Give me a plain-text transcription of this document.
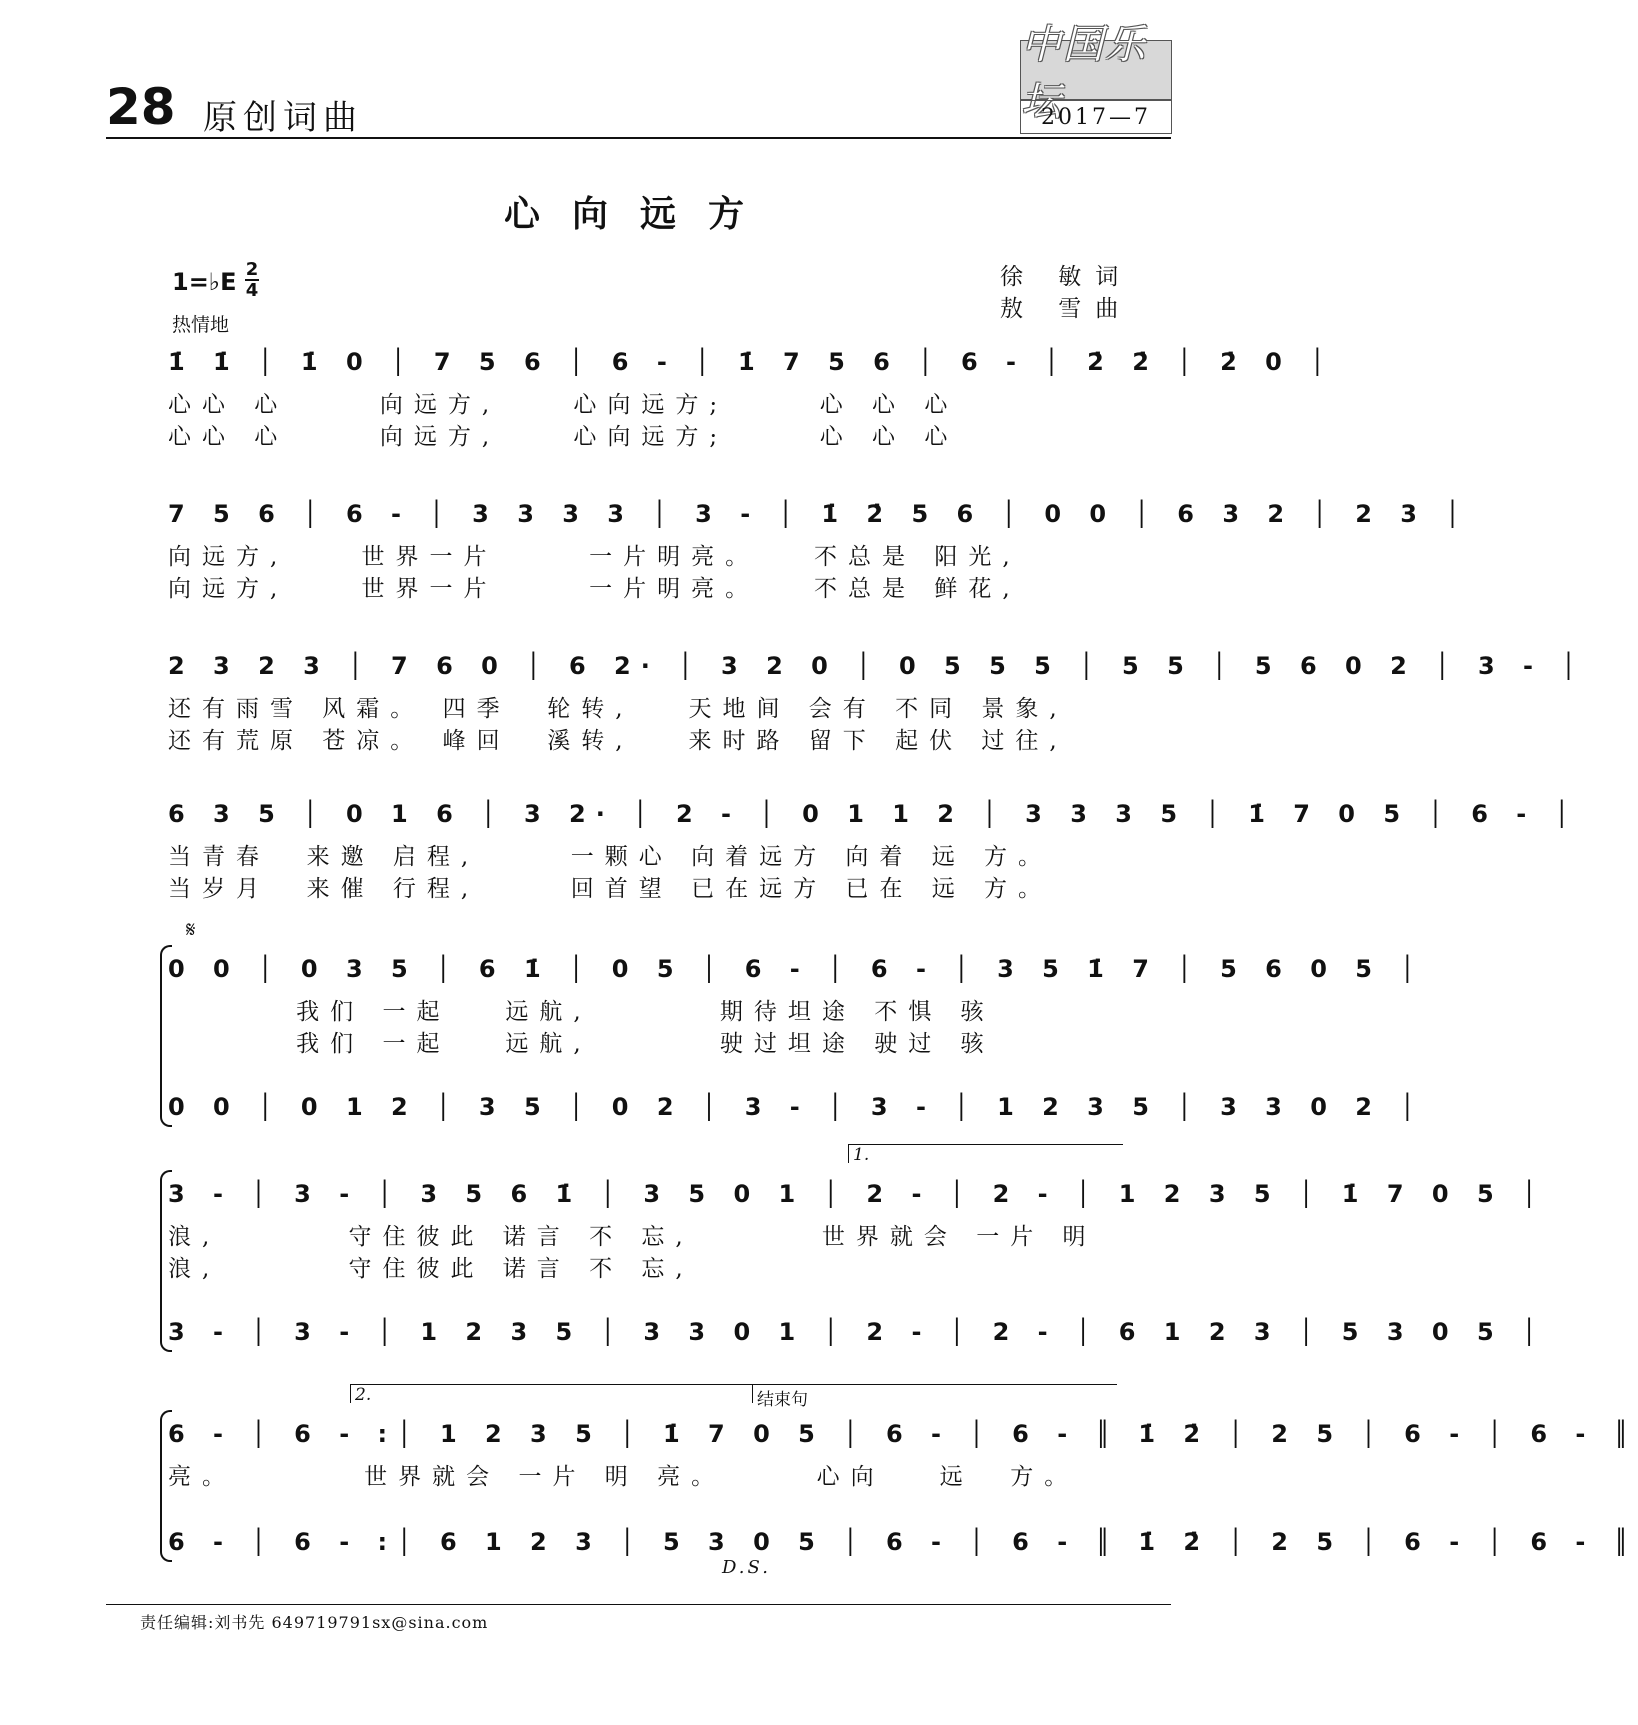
28 原创词曲
中国乐坛
2017—7
心向远方
1=♭E 2
4
热情地
徐 敏词
敖 雪曲
1̇ 1̇ │ 1̇ 0 │ 7 5 6 │ 6 - │ 1̇ 7 5 6 │ 6 - │ 2̇ 2̇ │ 2̇ 0 │
心心 心     向远方,    心向远方;     心 心 心
心心 心     向远方,    心向远方;     心 心 心
7 5 6 │ 6 - │ 3 3 3 3 │ 3 - │ 1̇ 2̇ 5 6 │ 0 0 │ 6 3 2 │ 2 3 │
向远方,    世界一片     一片明亮。   不总是 阳光,
向远方,    世界一片     一片明亮。   不总是 鲜花,
2 3 2 3 │ 7 6 0 │ 6 2· │ 3 2 0 │ 0 5 5 5 │ 5 5 │ 5 6 0 2 │ 3 - │
还有雨雪 风霜。 四季  轮转,   天地间 会有 不同 景象,
还有荒原 苍凉。 峰回  溪转,   来时路 留下 起伏 过往,
6 3 5 │ 0 1 6 │ 3 2· │ 2 - │ 0 1 1 2 │ 3 3 3 5 │ 1̇ 7 0 5 │ 6 - │
当青春  来邀 启程,     一颗心 向着远方 向着 远 方。
当岁月  来催 行程,     回首望 已在远方 已在 远 方。
0 0 │ 0 3 5 │ 6 1̇ │ 0 5 │ 6 - │ 6 - │ 3 5 1̇ 7 │ 5 6 0 5 │
我们 一起   远航,       期待坦途 不惧 骇
我们 一起   远航,       驶过坦途 驶过 骇
0 0 │ 0 1 2 │ 3 5 │ 0 2 │ 3 - │ 3 - │ 1 2 3 5 │ 3 3 0 2 │
3 - │ 3 - │ 3 5 6 1̇ │ 3 5 0 1 │ 2 - │ 2 - │ 1 2 3 5 │ 1̇ 7 0 5 │
浪,       守住彼此 诺言 不 忘,       世界就会 一片 明
浪,       守住彼此 诺言 不 忘,
3 - │ 3 - │ 1 2 3 5 │ 3 3 0 1 │ 2 - │ 2 - │ 6 1 2 3 │ 5 3 0 5 │
6 - │ 6 - :│ 1 2 3 5 │ 1̇ 7 0 5 │ 6 - │ 6 - ║ 1̇ 2̇ │ 2 5 │ 6 - │ 6 - ║
亮。       世界就会 一片 明 亮。     心向   远  方。
6 - │ 6 - :│ 6 1 2 3 │ 5 3 0 5 │ 6 - │ 6 - ║ 1̇ 2̇ │ 2 5 │ 6 - │ 6 - ║
𝄋
D.S.
1.
2.	结束句
责任编辑:刘书先 649719791sx@sina.com
